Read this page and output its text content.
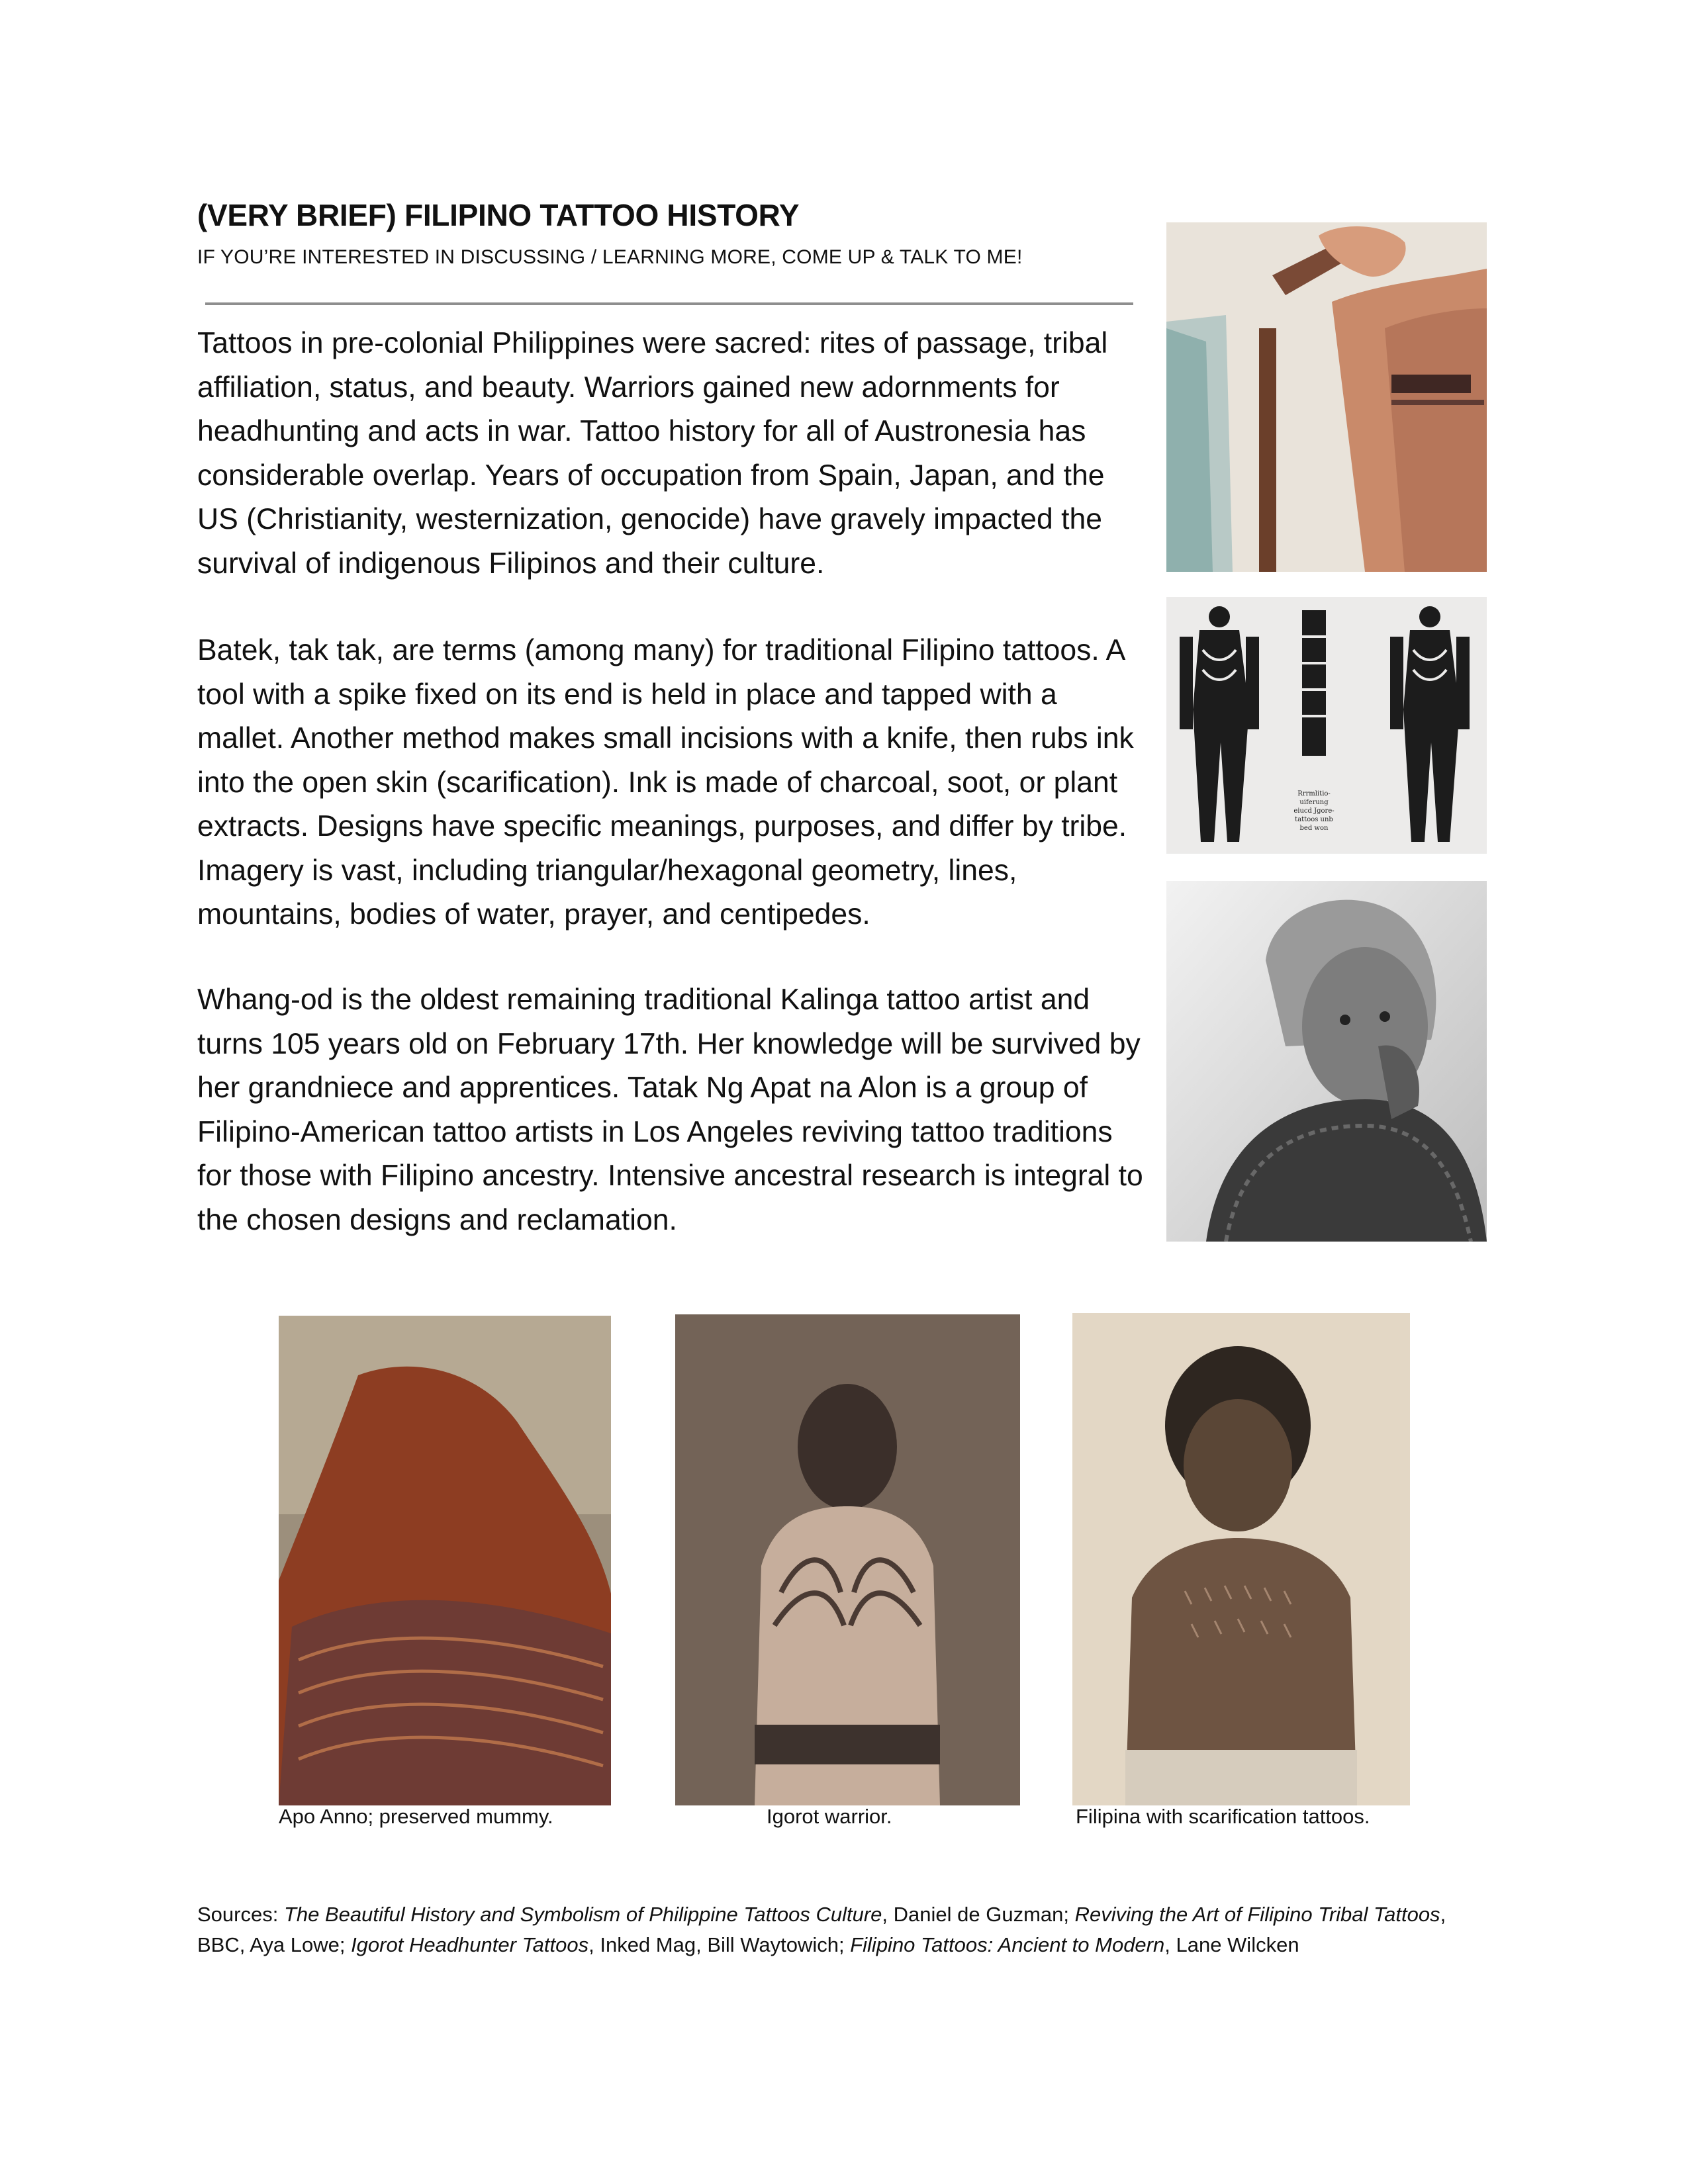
(VERY BRIEF) FILIPINO TATTOO HISTORY
IF YOU’RE INTERESTED IN DISCUSSING / LEARNING MORE, COME UP & TALK TO ME!

Tattoos in pre-colonial Philippines were sacred: rites of passage, tribal affiliation, status, and beauty. Warriors gained new adornments for headhunting and acts in war. Tattoo history for all of Austronesia has considerable overlap. Years of occupation from Spain, Japan, and the US (Christianity, westernization, genocide) have gravely impacted the survival of indigenous Filipinos and their culture.

Batek, tak tak, are terms (among many) for traditional Filipino tattoos. A tool with a spike fixed on its end is held in place and tapped with a mallet. Another method makes small incisions with a knife, then rubs ink into the open skin (scarification). Ink is made of charcoal, soot, or plant extracts. Designs have specific meanings, purposes, and differ by tribe. Imagery is vast, including triangular/hexagonal geometry, lines, mountains, bodies of water, prayer, and centipedes.

Whang-od is the oldest remaining traditional Kalinga tattoo artist and turns 105 years old on February 17th. Her knowledge will be survived by her grandniece and apprentices. Tatak Ng Apat na Alon is a group of Filipino-American tattoo artists in Los Angeles reviving tattoo traditions for those with Filipino ancestry. Intensive ancestral research is integral to the chosen designs and reclamation.

Rrrmlitio-
uiferung
eiucd Jgore-
tattoos unb
bed won
Apo Anno; preserved mummy.	Igorot warrior.	Filipina with scarification tattoos.
Sources: The Beautiful History and Symbolism of Philippine Tattoos Culture, Daniel de Guzman; Reviving the Art of Filipino Tribal Tattoos, BBC, Aya Lowe; Igorot Headhunter Tattoos, Inked Mag, Bill Waytowich; Filipino Tattoos: Ancient to Modern, Lane Wilcken
